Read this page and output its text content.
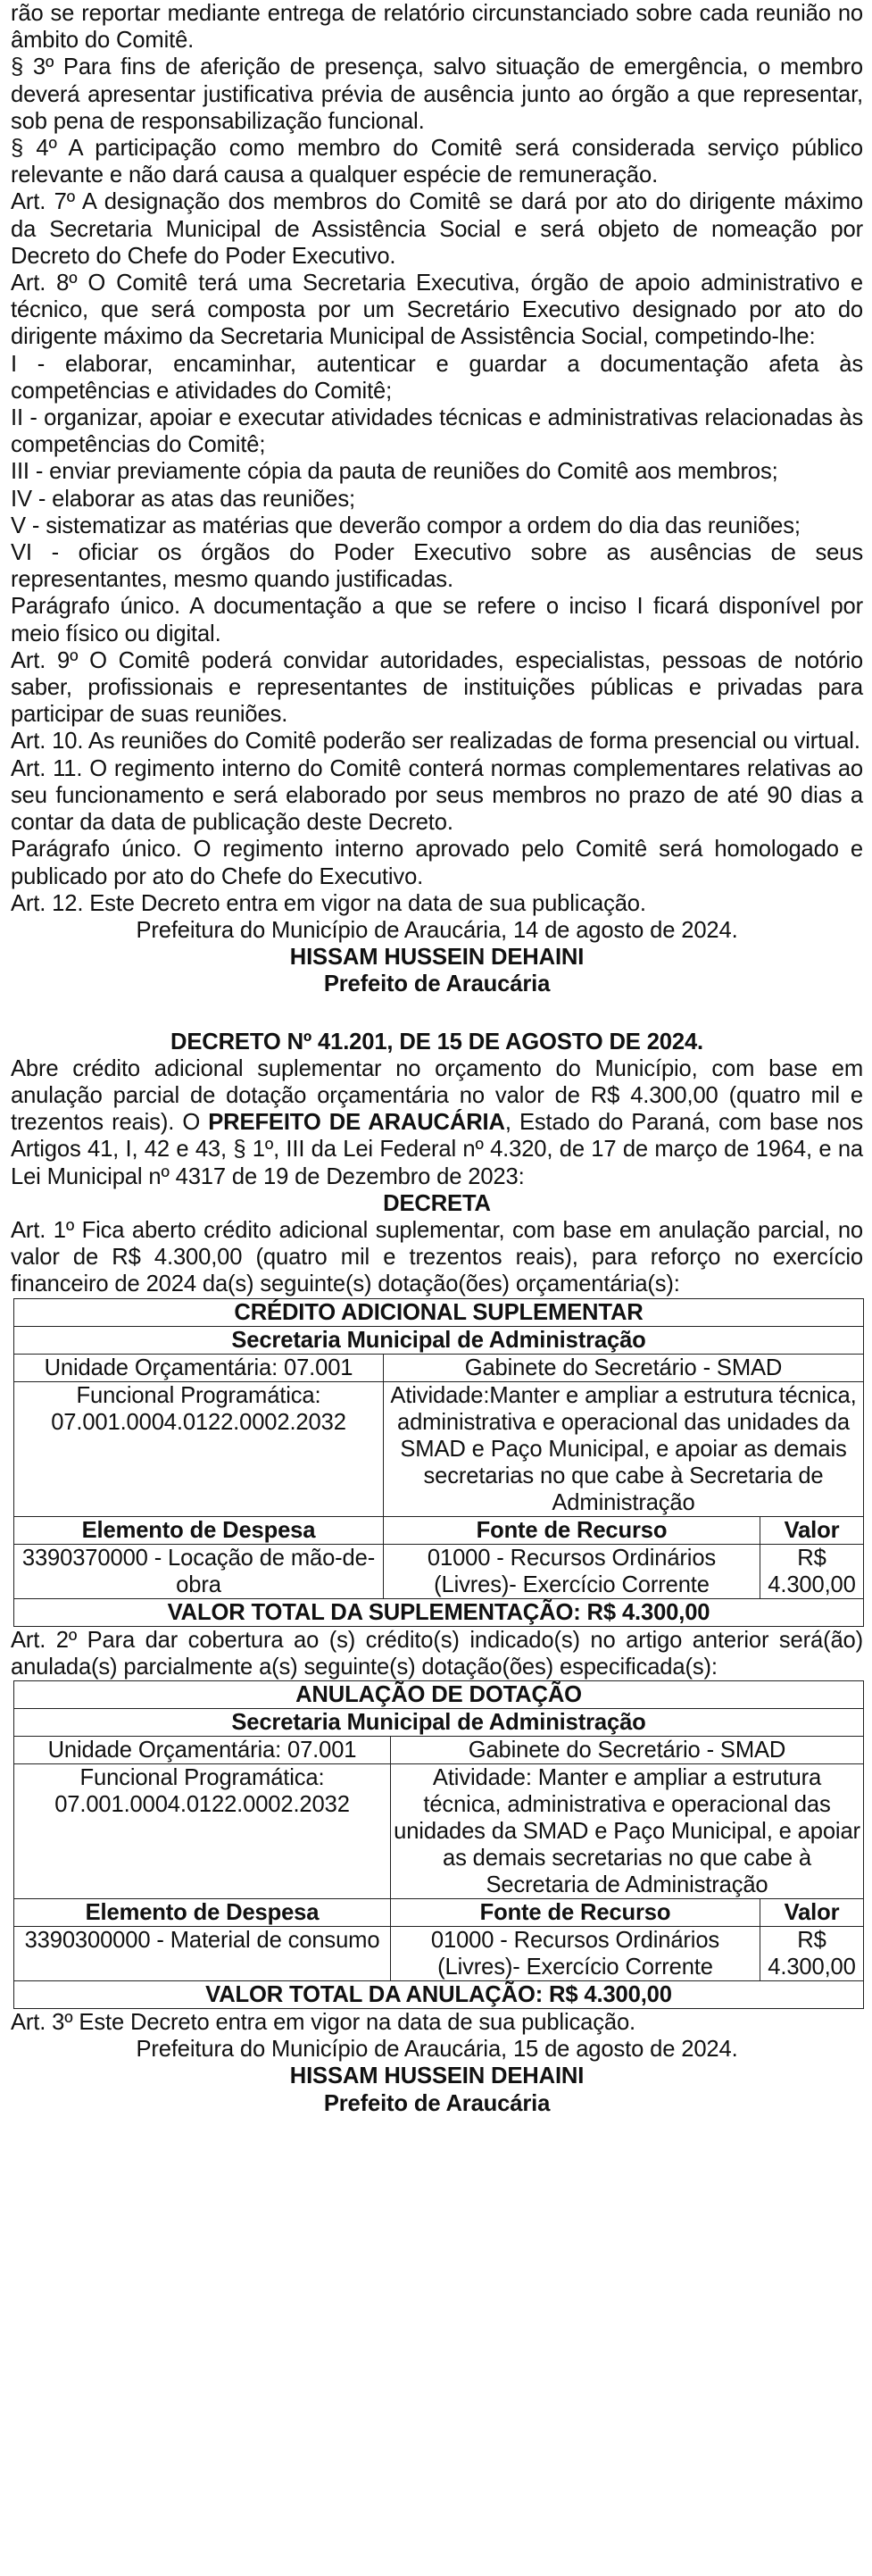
rão se reportar mediante entrega de relatório circunstanciado sobre cada reunião no âmbito do Comitê.

§ 3º Para fins de aferição de presença, salvo situação de emergência, o membro deverá apresentar justificativa prévia de ausência junto ao órgão a que representar, sob pena de responsabilização funcional.

§ 4º A participação como membro do Comitê será considerada serviço público relevante e não dará causa a qualquer espécie de remuneração.

Art. 7º A designação dos membros do Comitê se dará por ato do dirigente máximo da Secretaria Municipal de Assistência Social e será objeto de nomeação por Decreto do Chefe do Poder Executivo.

Art. 8º O Comitê terá uma Secretaria Executiva, órgão de apoio administrativo e técnico, que será composta por um Secretário Executivo designado por ato do dirigente máximo da Secretaria Municipal de Assistência Social, competindo-lhe:

I - elaborar, encaminhar, autenticar e guardar a documentação afeta às competências e atividades do Comitê;

II - organizar, apoiar e executar atividades técnicas e administrativas relacionadas às competências do Comitê;

III - enviar previamente cópia da pauta de reuniões do Comitê aos membros;

IV - elaborar as atas das reuniões;

V - sistematizar as matérias que deverão compor a ordem do dia das reuniões;

VI - oficiar os órgãos do Poder Executivo sobre as ausências de seus representantes, mesmo quando justificadas.

Parágrafo único. A documentação a que se refere o inciso I ficará disponível por meio físico ou digital.

Art. 9º O Comitê poderá convidar autoridades, especialistas, pessoas de notório saber, profissionais e representantes de instituições públicas e privadas para participar de suas reuniões.

Art. 10. As reuniões do Comitê poderão ser realizadas de forma presencial ou virtual.

Art. 11. O regimento interno do Comitê conterá normas complementares relativas ao seu funcionamento e será elaborado por seus membros no prazo de até 90 dias a contar da data de publicação deste Decreto.

Parágrafo único. O regimento interno aprovado pelo Comitê será homologado e publicado por ato do Chefe do Executivo.

Art. 12. Este Decreto entra em vigor na data de sua publicação.

Prefeitura do Município de Araucária, 14 de agosto de 2024.

HISSAM HUSSEIN DEHAINI

Prefeito de Araucária

DECRETO Nº 41.201, DE 15 DE AGOSTO DE 2024.

Abre crédito adicional suplementar no orçamento do Município, com base em anulação parcial de dotação orçamentária no valor de R$ 4.300,00 (quatro mil e trezentos reais). O PREFEITO DE ARAUCÁRIA, Estado do Paraná, com base nos Artigos 41, I, 42 e 43, § 1º, III da Lei Federal nº 4.320, de 17 de março de 1964, e na Lei Municipal nº 4317 de 19 de Dezembro de 2023:

DECRETA

Art. 1º Fica aberto crédito adicional suplementar, com base em anulação parcial, no valor de R$ 4.300,00 (quatro mil e trezentos reais), para reforço no exercício financeiro de 2024 da(s) seguinte(s) dotação(ões) orçamentária(s):

CRÉDITO ADICIONAL SUPLEMENTAR		
Secretaria Municipal de Administração		
Unidade Orçamentária: 07.001	Gabinete do Secretário - SMAD	
Funcional Programática: 07.001.0004.0122.0002.2032	Atividade:Manter e ampliar a estrutura técnica, administrativa e operacional das unidades da SMAD e Paço Municipal, e apoiar as demais secretarias no que cabe à Secretaria de Administração	
Elemento de Despesa	Fonte de Recurso	Valor
3390370000 - Locação de mão-de-obra	01000 - Recursos Ordinários (Livres)- Exercício Corrente	R$ 4.300,00
VALOR TOTAL DA SUPLEMENTAÇÃO: R$ 4.300,00		

Art. 2º Para dar cobertura ao (s) crédito(s) indicado(s) no artigo anterior será(ão) anulada(s) parcialmente a(s) seguinte(s) dotação(ões) especificada(s):

ANULAÇÃO DE DOTAÇÃO		
Secretaria Municipal de Administração		
Unidade Orçamentária: 07.001	Gabinete do Secretário - SMAD	
Funcional Programática: 07.001.0004.0122.0002.2032	Atividade: Manter e ampliar a estrutura técnica, administrativa e operacional das unidades da SMAD e Paço Municipal, e apoiar as demais secretarias no que cabe à Secretaria de Administração	
Elemento de Despesa	Fonte de Recurso	Valor
3390300000 - Material de consumo	01000 - Recursos Ordinários (Livres)- Exercício Corrente	R$ 4.300,00
VALOR TOTAL DA ANULAÇÃO: R$ 4.300,00		

Art. 3º Este Decreto entra em vigor na data de sua publicação.

Prefeitura do Município de Araucária, 15 de agosto de 2024.

HISSAM HUSSEIN DEHAINI

Prefeito de Araucária
